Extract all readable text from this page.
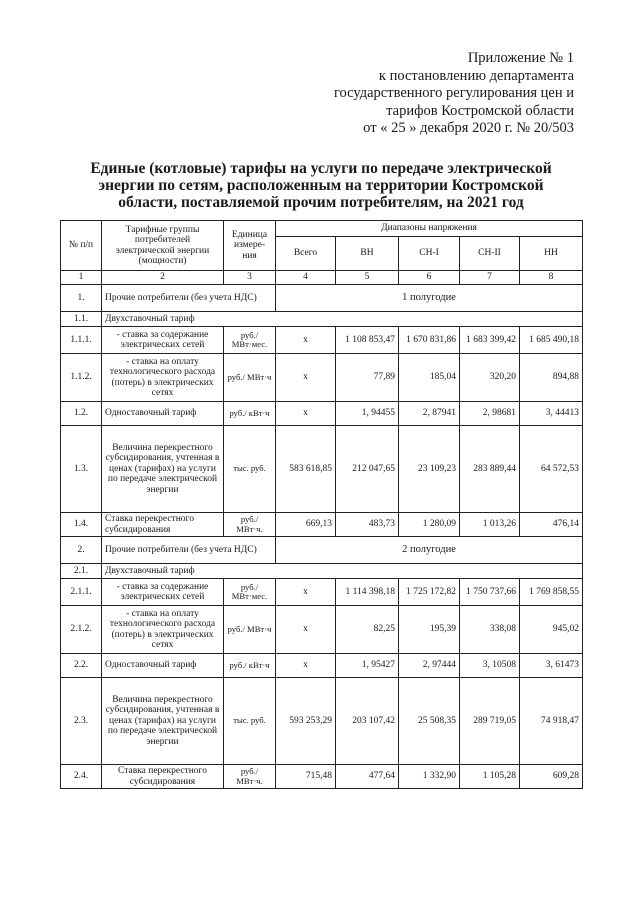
Приложение № 1
к постановлению департамента
государственного регулирования цен и
тарифов Костромской области
от « 25 » декабря 2020 г. № 20/503
Единые (котловые) тарифы на услуги по передаче электрической
энергии по сетям, расположенным на территории Костромской
области, поставляемой прочим потребителям, на 2021 год
№ п/п	Тарифные группы потребителей электрической энергии (мощности)	Единица измере-ния	Диапазоны напряжения				
			Всего	ВН	СН-I	СН-II	НН
1	2	3	4	5	6	7	8
1.	Прочие потребители (без учета НДС)		1 полугодие				
1.1.	Двухставочный тариф						
1.1.1.	- ставка за содержание электрических сетей	руб./ МВт·мес.	x	1 108 853,47	1 670 831,86	1 683 399,42	1 685 490,18
1.1.2.	- ставка на оплату технологического расхода (потерь) в электрических сетях	руб./ МВт·ч	x	77,89	185,04	320,20	894,88
1.2.	Одноставочный тариф	руб./ кВт·ч	x	1, 94455	2, 87941	2, 98681	3, 44413
1.3.	Величина перекрестного субсидирования, учтенная в ценах (тарифах) на услуги по передаче электрической энергии	тыс. руб.	583 618,85	212 047,65	23 109,23	283 889,44	64 572,53
1.4.	Ставка перекрестного субсидирования	руб./ МВт·ч.	669,13	483,73	1 280,09	1 013,26	476,14
2.	Прочие потребители (без учета НДС)		2 полугодие				
2.1.	Двухставочный тариф						
2.1.1.	- ставка за содержание электрических сетей	руб./ МВт·мес.	x	1 114 398,18	1 725 172,82	1 750 737,66	1 769 858,55
2.1.2.	- ставка на оплату технологического расхода (потерь) в электрических сетях	руб./ МВт·ч	x	82,25	195,39	338,08	945,02
2.2.	Одноставочный тариф	руб./ кВт·ч	x	1, 95427	2, 97444	3, 10508	3, 61473
2.3.	Величина перекрестного субсидирования, учтенная в ценах (тарифах) на услуги по передаче электрической энергии	тыс. руб.	593 253,29	203 107,42	25 508,35	289 719,05	74 918,47
2.4.	Ставка перекрестного субсидирования	руб./ МВт·ч.	715,48	477,64	1 332,90	1 105,28	609,28
